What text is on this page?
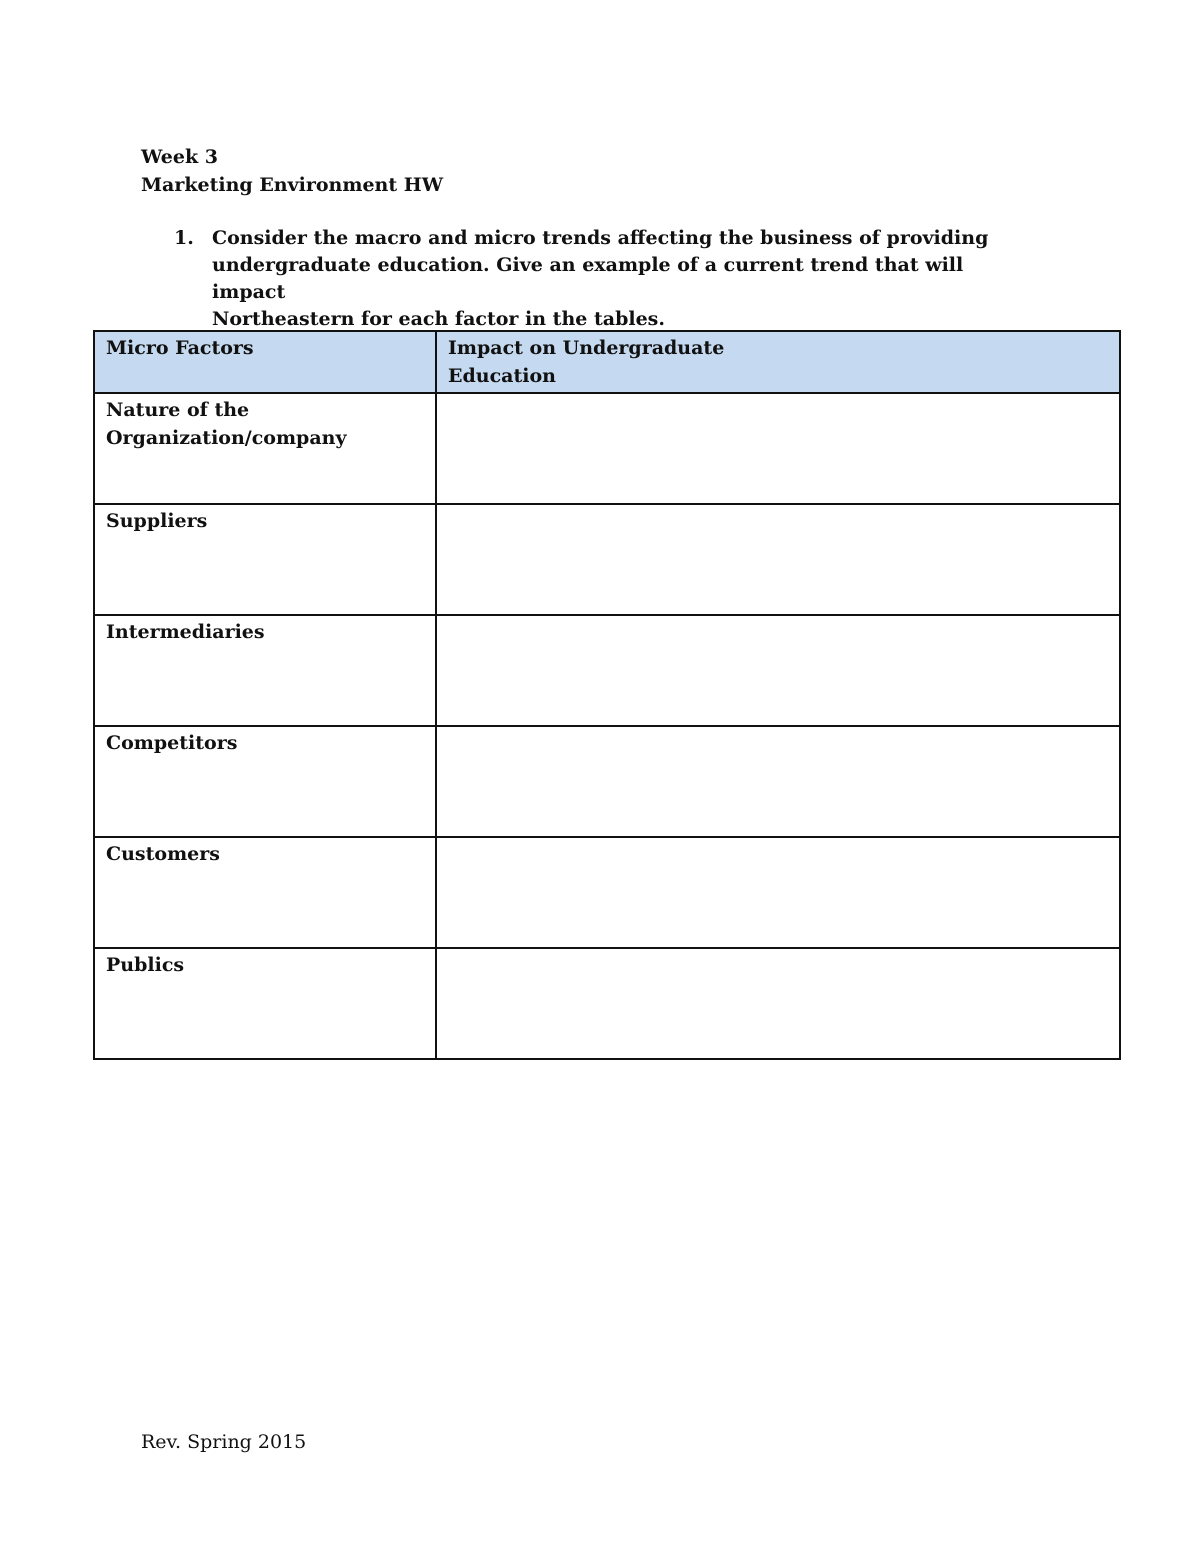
Week 3
Marketing Environment HW
1. Consider the macro and micro trends affecting the business of providing
undergraduate education. Give an example of a current trend that will impact
Northeastern for each factor in the tables.
Micro Factors	Impact on Undergraduate
Education
Nature of the
Organization/company	
Suppliers	
Intermediaries	
Competitors	
Customers	
Publics	
Rev. Spring 2015
